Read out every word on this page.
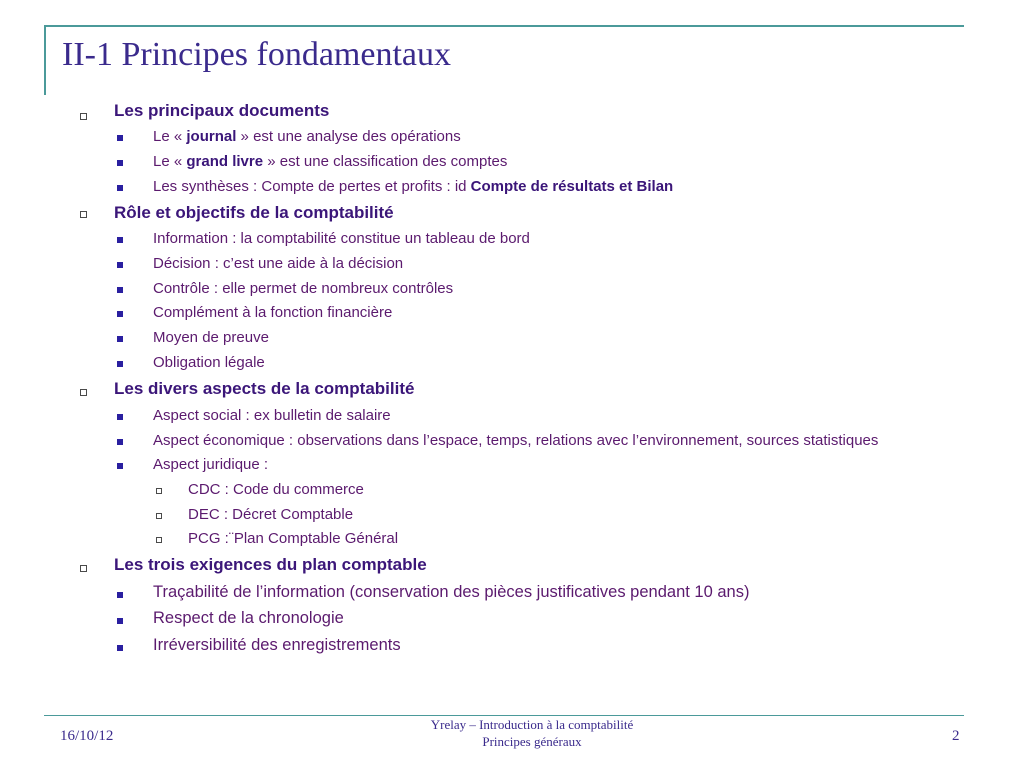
II-1 Principes fondamentaux
Les principaux documents
Le « journal » est une analyse des opérations
Le « grand livre » est une classification des comptes
Les synthèses : Compte de pertes et profits : id Compte de résultats et Bilan
Rôle et objectifs de la comptabilité
Information : la comptabilité constitue un tableau de bord
Décision : c’est une aide à la décision
Contrôle : elle permet de nombreux contrôles
Complément à la fonction financière
Moyen de preuve
Obligation légale
Les divers aspects de la comptabilité
Aspect social : ex bulletin de salaire
Aspect économique : observations dans l’espace, temps, relations avec l’environnement, sources statistiques
Aspect juridique :
CDC : Code du commerce
DEC : Décret Comptable
PCG :¨Plan Comptable Général
Les trois exigences du plan comptable
Traçabilité de l’information (conservation des pièces justificatives pendant 10 ans)
Respect de la chronologie
Irréversibilité des enregistrements
16/10/12
Yrelay – Introduction à la comptabilité
Principes généraux	2
